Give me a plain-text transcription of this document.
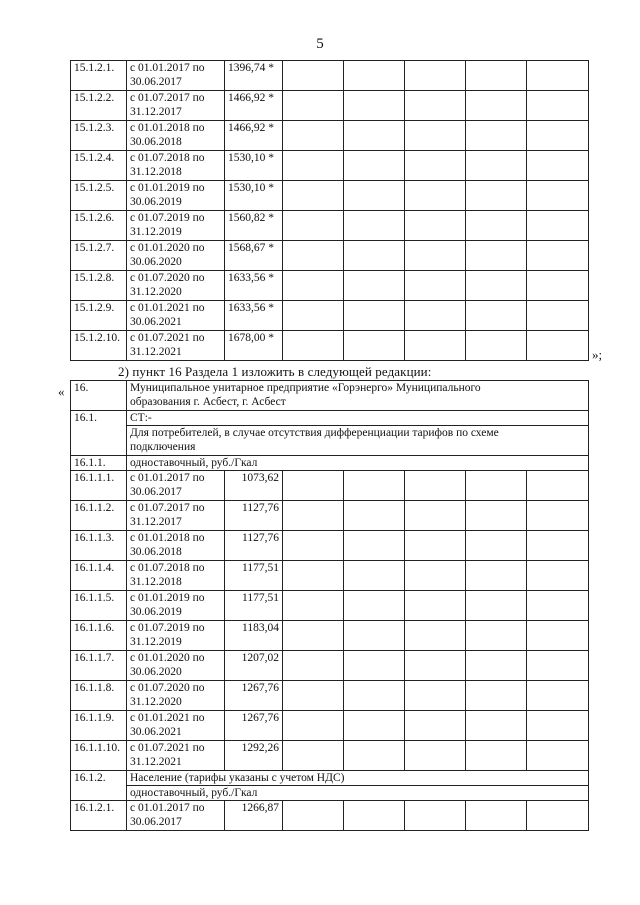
5
15.1.2.1.	с 01.01.2017 по
30.06.2017	1396,74 *					
15.1.2.2.	с 01.07.2017 по
31.12.2017	1466,92 *					
15.1.2.3.	с 01.01.2018 по
30.06.2018	1466,92 *					
15.1.2.4.	с 01.07.2018 по
31.12.2018	1530,10 *					
15.1.2.5.	с 01.01.2019 по
30.06.2019	1530,10 *					
15.1.2.6.	с 01.07.2019 по
31.12.2019	1560,82 *					
15.1.2.7.	с 01.01.2020 по
30.06.2020	1568,67 *					
15.1.2.8.	с 01.07.2020 по
31.12.2020	1633,56 *					
15.1.2.9.	с 01.01.2021 по
30.06.2021	1633,56 *					
15.1.2.10.	с 01.07.2021 по
31.12.2021	1678,00 *					
»;
2) пункт 16 Раздела 1 изложить в следующей редакции:
« 16.	Муниципальное унитарное предприятие «Горэнерго» Муниципального
образования г. Асбест, г. Асбест						
16.1.	СТ:-						
	Для потребителей, в случае отсутствия дифференциации тарифов по схеме
подключения						
16.1.1.	одноставочный, руб./Гкал						
16.1.1.1.	с 01.01.2017 по
30.06.2017	1073,62					
16.1.1.2.	с 01.07.2017 по
31.12.2017	1127,76					
16.1.1.3.	с 01.01.2018 по
30.06.2018	1127,76					
16.1.1.4.	с 01.07.2018 по
31.12.2018	1177,51					
16.1.1.5.	с 01.01.2019 по
30.06.2019	1177,51					
16.1.1.6.	с 01.07.2019 по
31.12.2019	1183,04					
16.1.1.7.	с 01.01.2020 по
30.06.2020	1207,02					
16.1.1.8.	с 01.07.2020 по
31.12.2020	1267,76					
16.1.1.9.	с 01.01.2021 по
30.06.2021	1267,76					
16.1.1.10.	с 01.07.2021 по
31.12.2021	1292,26					
16.1.2.	Население (тарифы указаны с учетом НДС)						
	одноставочный, руб./Гкал						
16.1.2.1.	с 01.01.2017 по
30.06.2017	1266,87					
